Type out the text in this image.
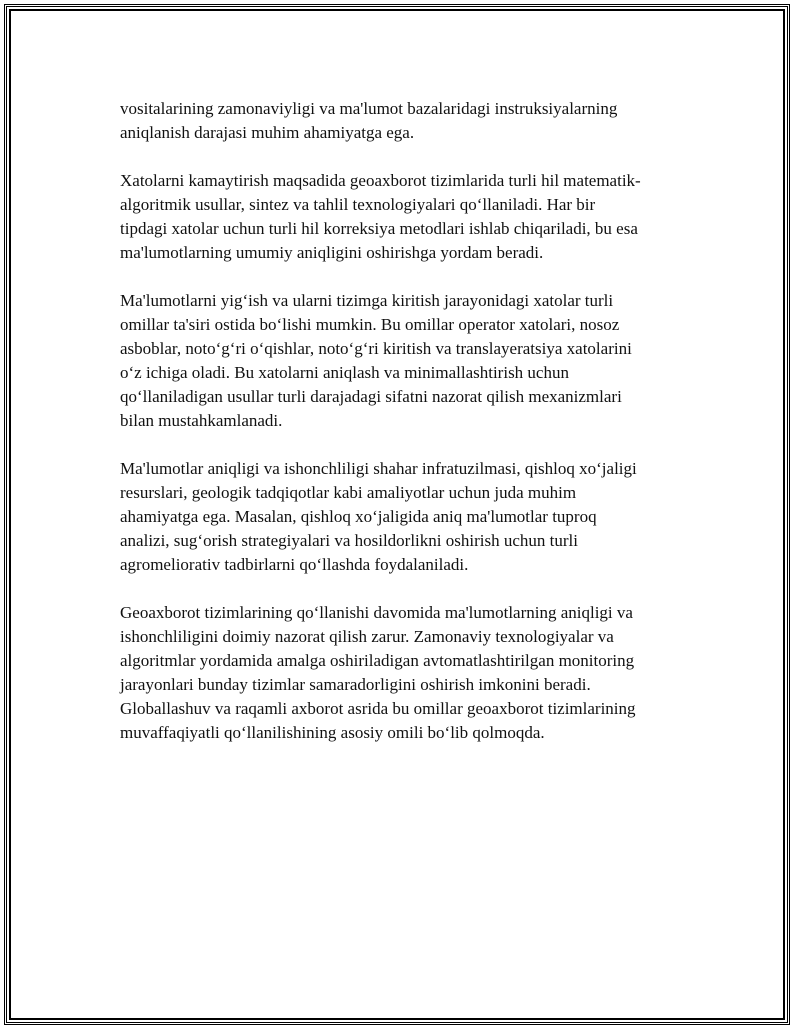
vositalarining zamonaviyligi va ma'lumot bazalaridagi instruksiyalarning
aniqlanish darajasi muhim ahamiyatga ega.

Xatolarni kamaytirish maqsadida geoaxborot tizimlarida turli hil matematik-
algoritmik usullar, sintez va tahlil texnologiyalari qo‘llaniladi. Har bir
tipdagi xatolar uchun turli hil korreksiya metodlari ishlab chiqariladi, bu esa
ma'lumotlarning umumiy aniqligini oshirishga yordam beradi.

Ma'lumotlarni yig‘ish va ularni tizimga kiritish jarayonidagi xatolar turli
omillar ta'siri ostida bo‘lishi mumkin. Bu omillar operator xatolari, nosoz
asboblar, noto‘g‘ri o‘qishlar, noto‘g‘ri kiritish va translayeratsiya xatolarini
o‘z ichiga oladi. Bu xatolarni aniqlash va minimallashtirish uchun
qo‘llaniladigan usullar turli darajadagi sifatni nazorat qilish mexanizmlari
bilan mustahkamlanadi.

Ma'lumotlar aniqligi va ishonchliligi shahar infratuzilmasi, qishloq xo‘jaligi
resurslari, geologik tadqiqotlar kabi amaliyotlar uchun juda muhim
ahamiyatga ega. Masalan, qishloq xo‘jaligida aniq ma'lumotlar tuproq
analizi, sug‘orish strategiyalari va hosildorlikni oshirish uchun turli
agromeliorativ tadbirlarni qo‘llashda foydalaniladi.

Geoaxborot tizimlarining qo‘llanishi davomida ma'lumotlarning aniqligi va
ishonchliligini doimiy nazorat qilish zarur. Zamonaviy texnologiyalar va
algoritmlar yordamida amalga oshiriladigan avtomatlashtirilgan monitoring
jarayonlari bunday tizimlar samaradorligini oshirish imkonini beradi.
Globallashuv va raqamli axborot asrida bu omillar geoaxborot tizimlarining
muvaffaqiyatli qo‘llanilishining asosiy omili bo‘lib qolmoqda.
